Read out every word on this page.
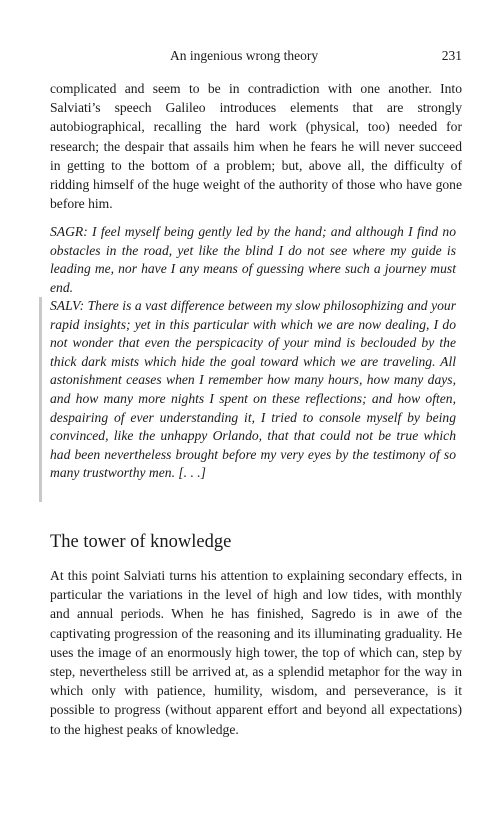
An ingenious wrong theory	231

complicated and seem to be in contradiction with one another. Into Salviati’s speech Galileo introduces elements that are strongly autobiographical, recalling the hard work (physical, too) needed for research; the despair that assails him when he fears he will never succeed in getting to the bottom of a problem; but, above all, the difficulty of ridding himself of the huge weight of the authority of those who have gone before him.

SAGR: I feel myself being gently led by the hand; and although I find no obstacles in the road, yet like the blind I do not see where my guide is leading me, nor have I any means of guessing where such a journey must end.

SALV: There is a vast difference between my slow philosophizing and your rapid insights; yet in this particular with which we are now dealing, I do not wonder that even the perspicacity of your mind is beclouded by the thick dark mists which hide the goal toward which we are traveling. All astonishment ceases when I remember how many hours, how many days, and how many more nights I spent on these reflections; and how often, despairing of ever understanding it, I tried to console myself by being convinced, like the unhappy Orlando, that that could not be true which had been nevertheless brought before my very eyes by the testimony of so many trustworthy men. [. . .]

The tower of knowledge

At this point Salviati turns his attention to explaining secondary effects, in particular the variations in the level of high and low tides, with monthly and annual periods. When he has finished, Sagredo is in awe of the captivating progression of the reasoning and its illuminating graduality. He uses the image of an enormously high tower, the top of which can, step by step, nevertheless still be arrived at, as a splendid metaphor for the way in which only with patience, humility, wisdom, and perseverance, is it possible to progress (without apparent effort and beyond all expectations) to the highest peaks of knowledge.
